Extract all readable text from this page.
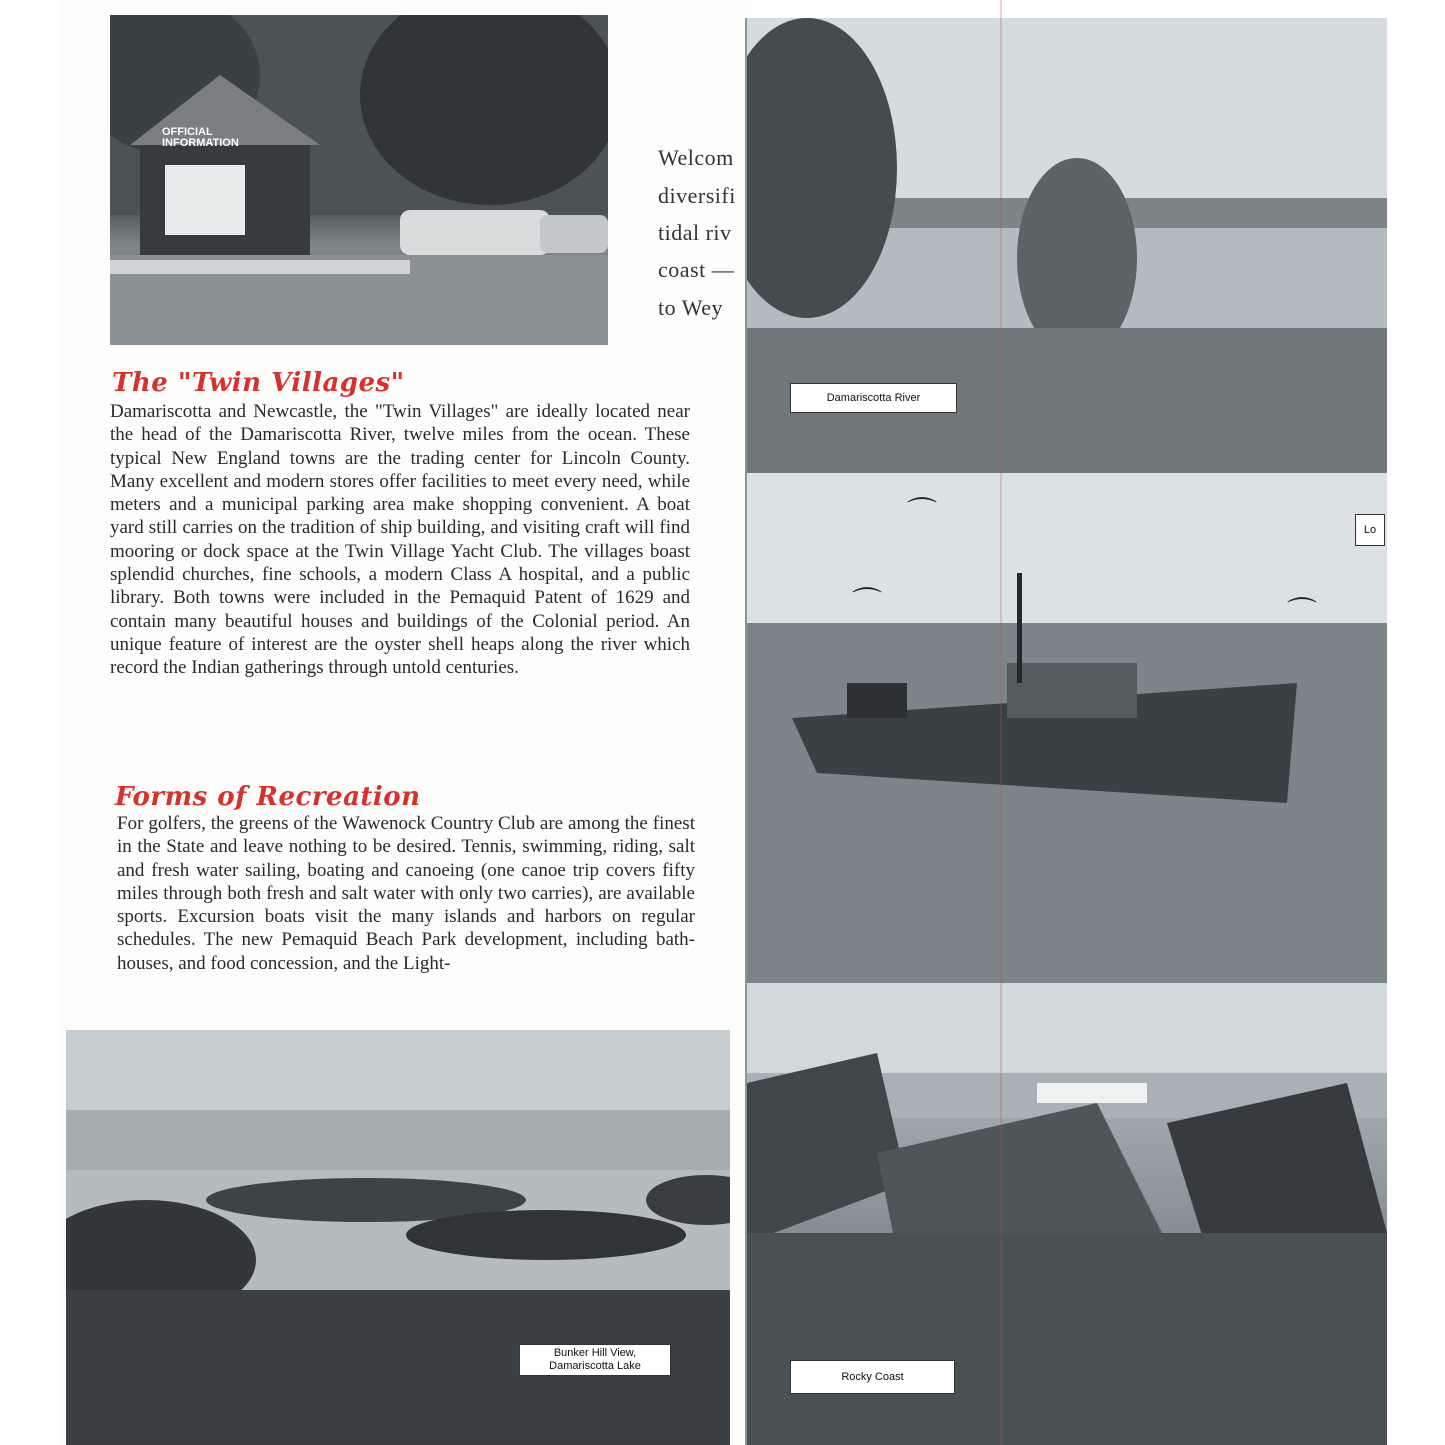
OFFICIAL INFORMATION
Welcom
diversifi
tidal riv
coast —
to Wey
The "Twin Villages"
Damariscotta and Newcastle, the "Twin Villages" are ideally located near the head of the Damariscotta River, twelve miles from the ocean. These typical New England towns are the trading center for Lincoln County. Many excellent and modern stores offer facilities to meet every need, while meters and a municipal parking area make shopping convenient. A boat yard still carries on the tradition of ship building, and visiting craft will find mooring or dock space at the Twin Village Yacht Club. The villages boast splendid churches, fine schools, a modern Class A hospital, and a public library. Both towns were included in the Pemaquid Patent of 1629 and contain many beautiful houses and buildings of the Colonial period. An unique feature of interest are the oyster shell heaps along the river which record the Indian gatherings through untold centuries.
Forms of Recreation
For golfers, the greens of the Wawenock Country Club are among the finest in the State and leave nothing to be desired. Tennis, swimming, riding, salt and fresh water sailing, boating and canoeing (one canoe trip covers fifty miles through both fresh and salt water with only two carries), are available sports. Excursion boats visit the many islands and harbors on regular schedules. The new Pemaquid Beach Park development, including bath-houses, and food concession, and the Light-
Bunker Hill View,
Damariscotta Lake
⌒
⌒	⌒
Damariscotta River
Lo
Rocky Coast
